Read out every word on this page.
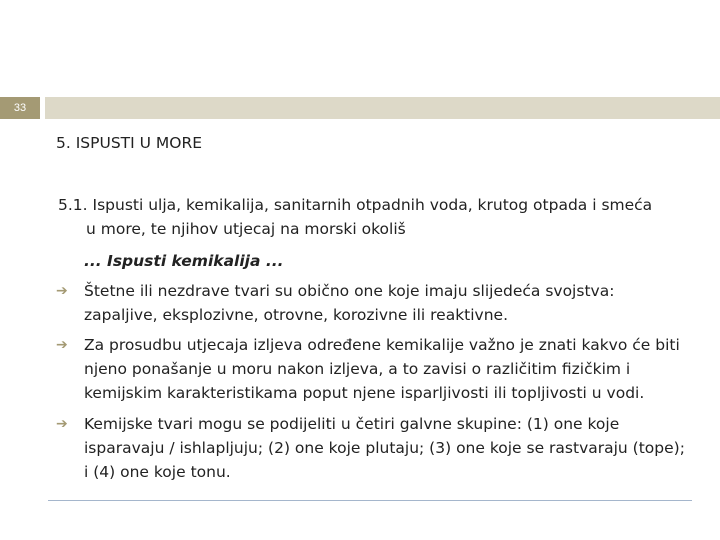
33
5. ISPUSTI U MORE
5.1. Ispusti ulja, kemikalija, sanitarnih otpadnih voda, krutog otpada i smeća
u more, te njihov utjecaj na morski okoliš
... Ispusti kemikalija ...
➔	Štetne ili nezdrave tvari su obično one koje imaju slijedeća svojstva: zapaljive, eksplozivne, otrovne, korozivne ili reaktivne.
➔	Za prosudbu utjecaja izljeva određene kemikalije važno je znati kakvo će biti njeno ponašanje u moru nakon izljeva, a to zavisi o različitim fizičkim i kemijskim karakteristikama poput njene isparljivosti ili topljivosti u vodi.
➔	Kemijske tvari mogu se podijeliti u četiri galvne skupine: (1) one koje isparavaju / ishlapljuju; (2) one koje plutaju; (3) one koje se rastvaraju (tope); i (4) one koje tonu.
